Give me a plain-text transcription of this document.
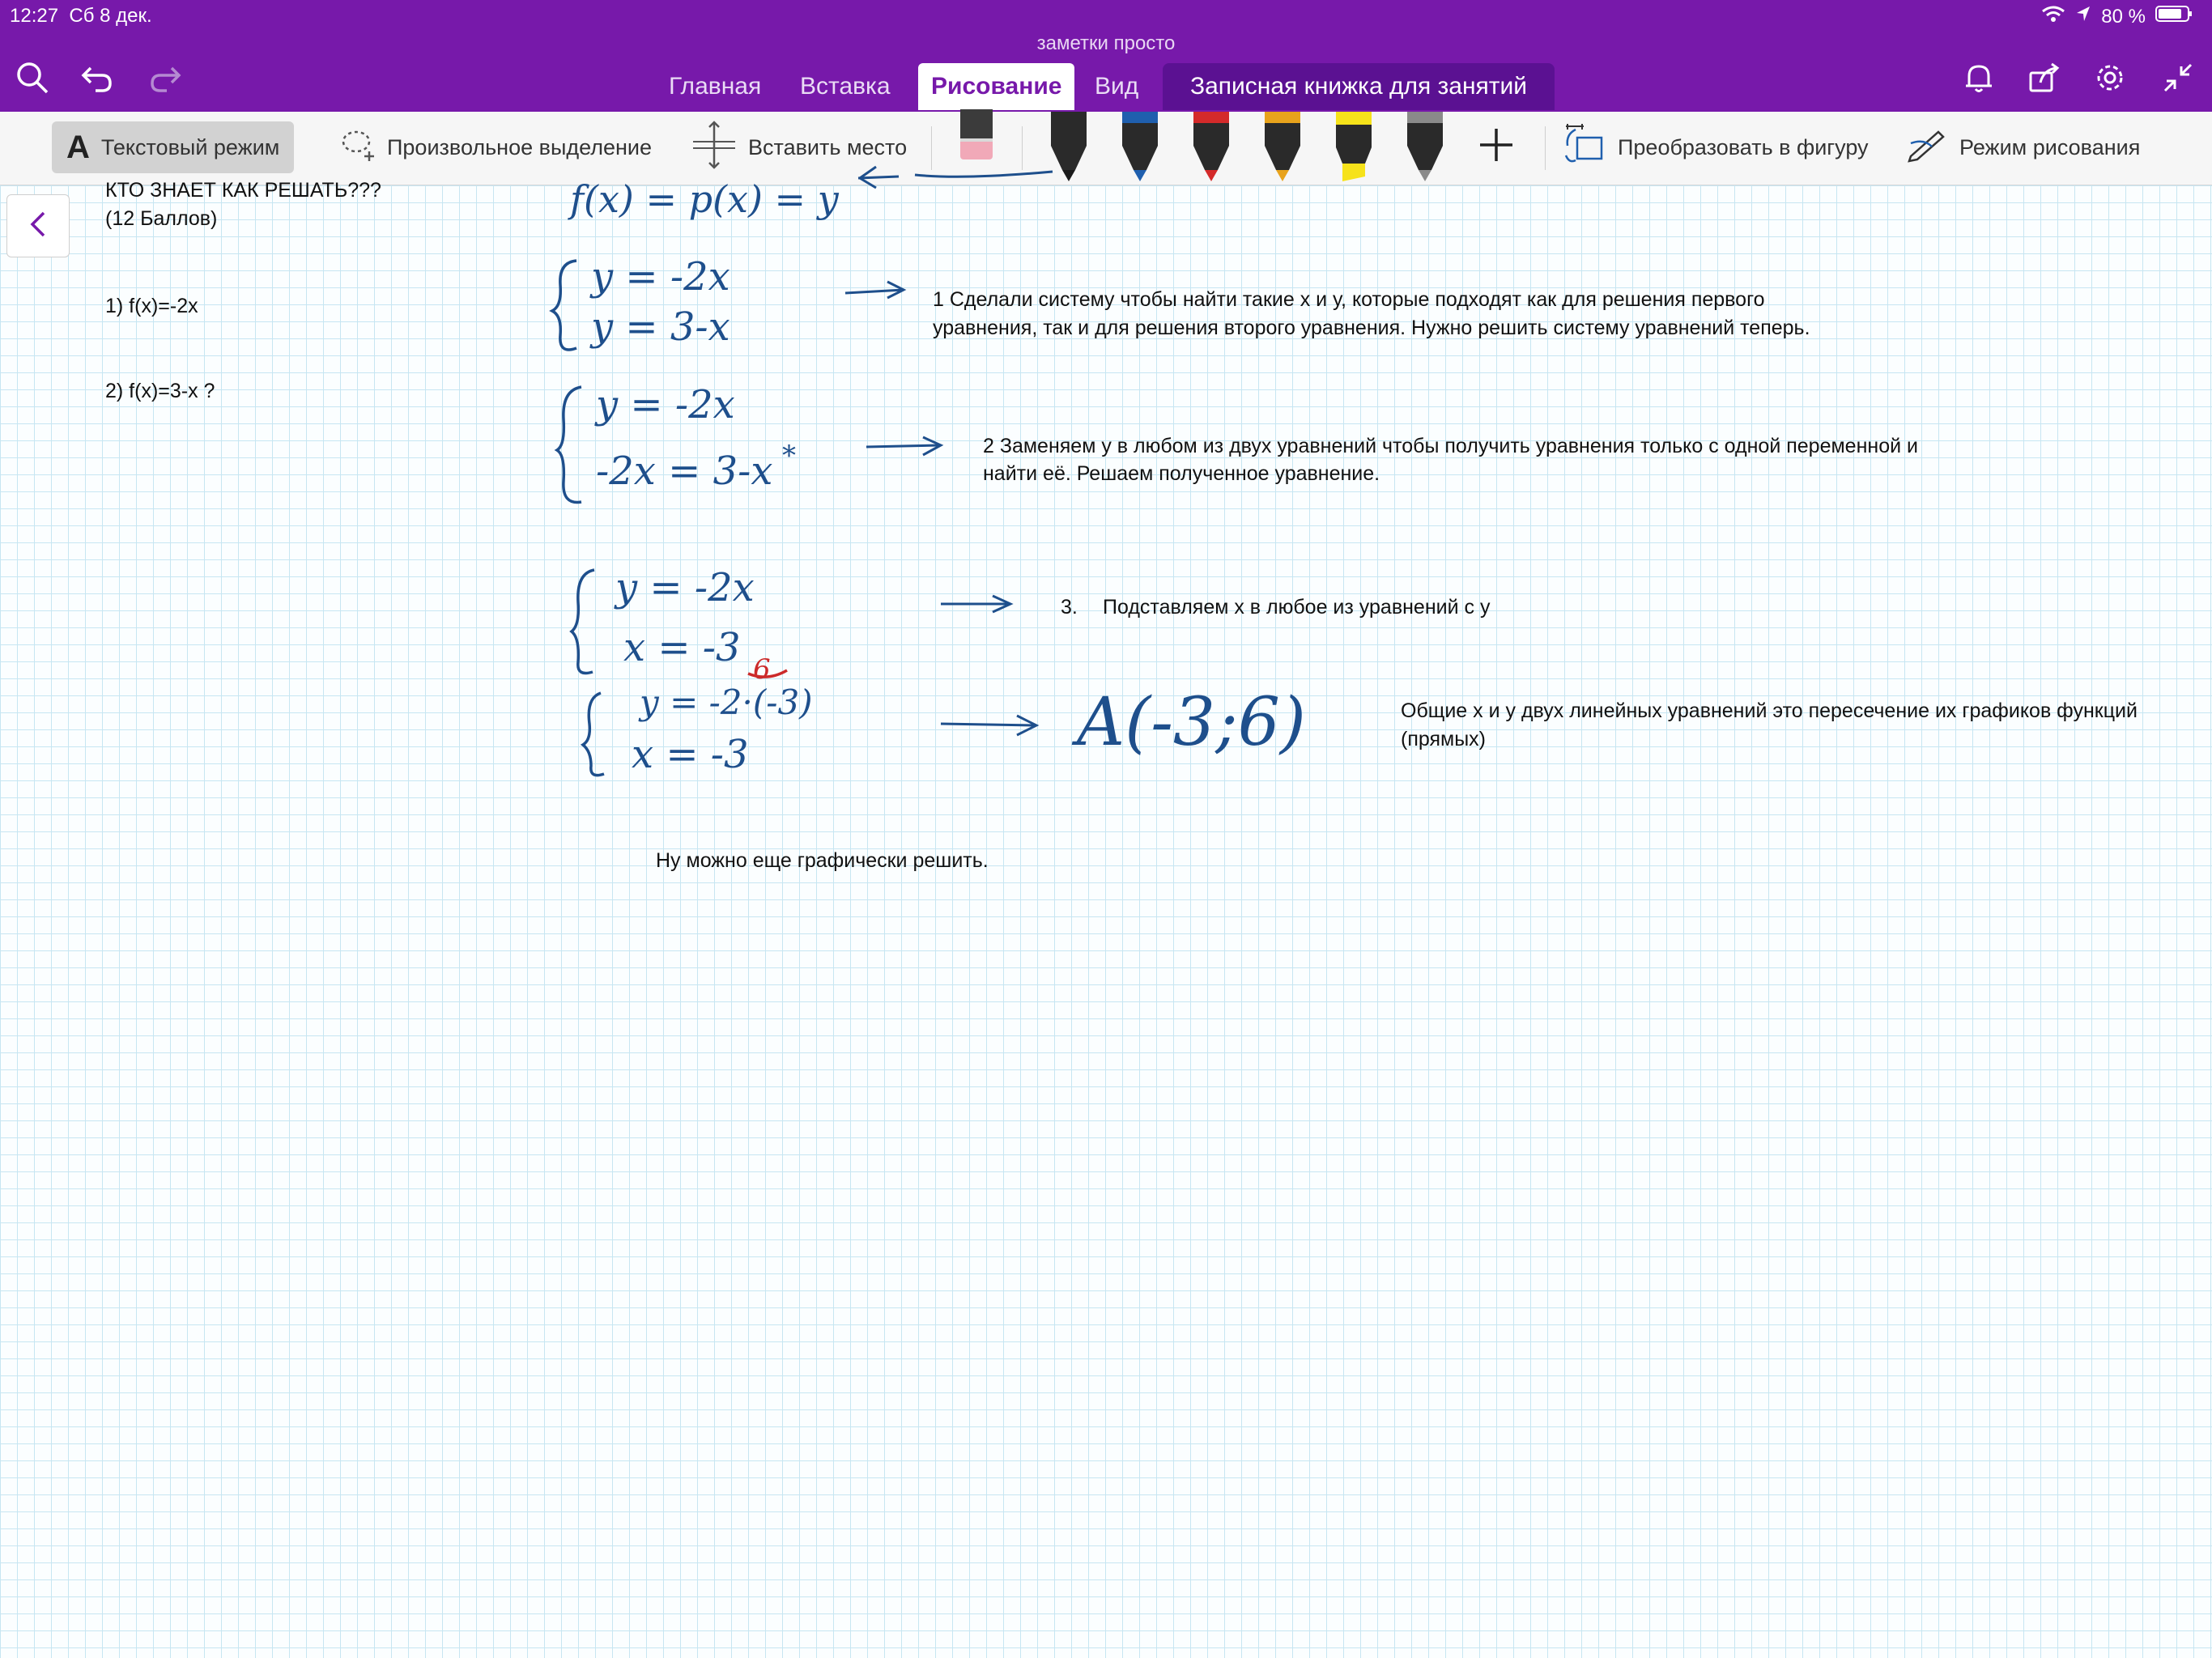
12:27 Сб 8 дек.	80 %
заметки просто
Главная	Вставка	Рисование	Вид	Записная книжка для занятий
A Текстовый режим	Произвольное выделение	Вставить место	Преобразовать в фигуру	Режим рисования
КТО ЗНАЕТ КАК РЕШАТЬ???
(12 Баллов)
1) f(x)=-2x
2) f(x)=3-x ?
1 Сделали систему чтобы найти такие х и у, которые подходят как для решения первого
уравнения, так и для решения второго уравнения. Нужно решить систему уравнений теперь.
2 Заменяем у в любом из двух уравнений чтобы получить уравнения только с одной переменной и
найти её. Решаем полученное уравнение.
3. Подставляем х в любое из уравнений с у
Общие х и у двух линейных уравнений это пересечение их графиков функций
(прямых)
Ну можно еще графически решить.
f(x) = p(x) = y
y = -2x
y = 3-x
y = -2x
-2x = 3-x *
y = -2x
x = -3
y = -2·(-3)
x = -3
6
A(-3;6)
